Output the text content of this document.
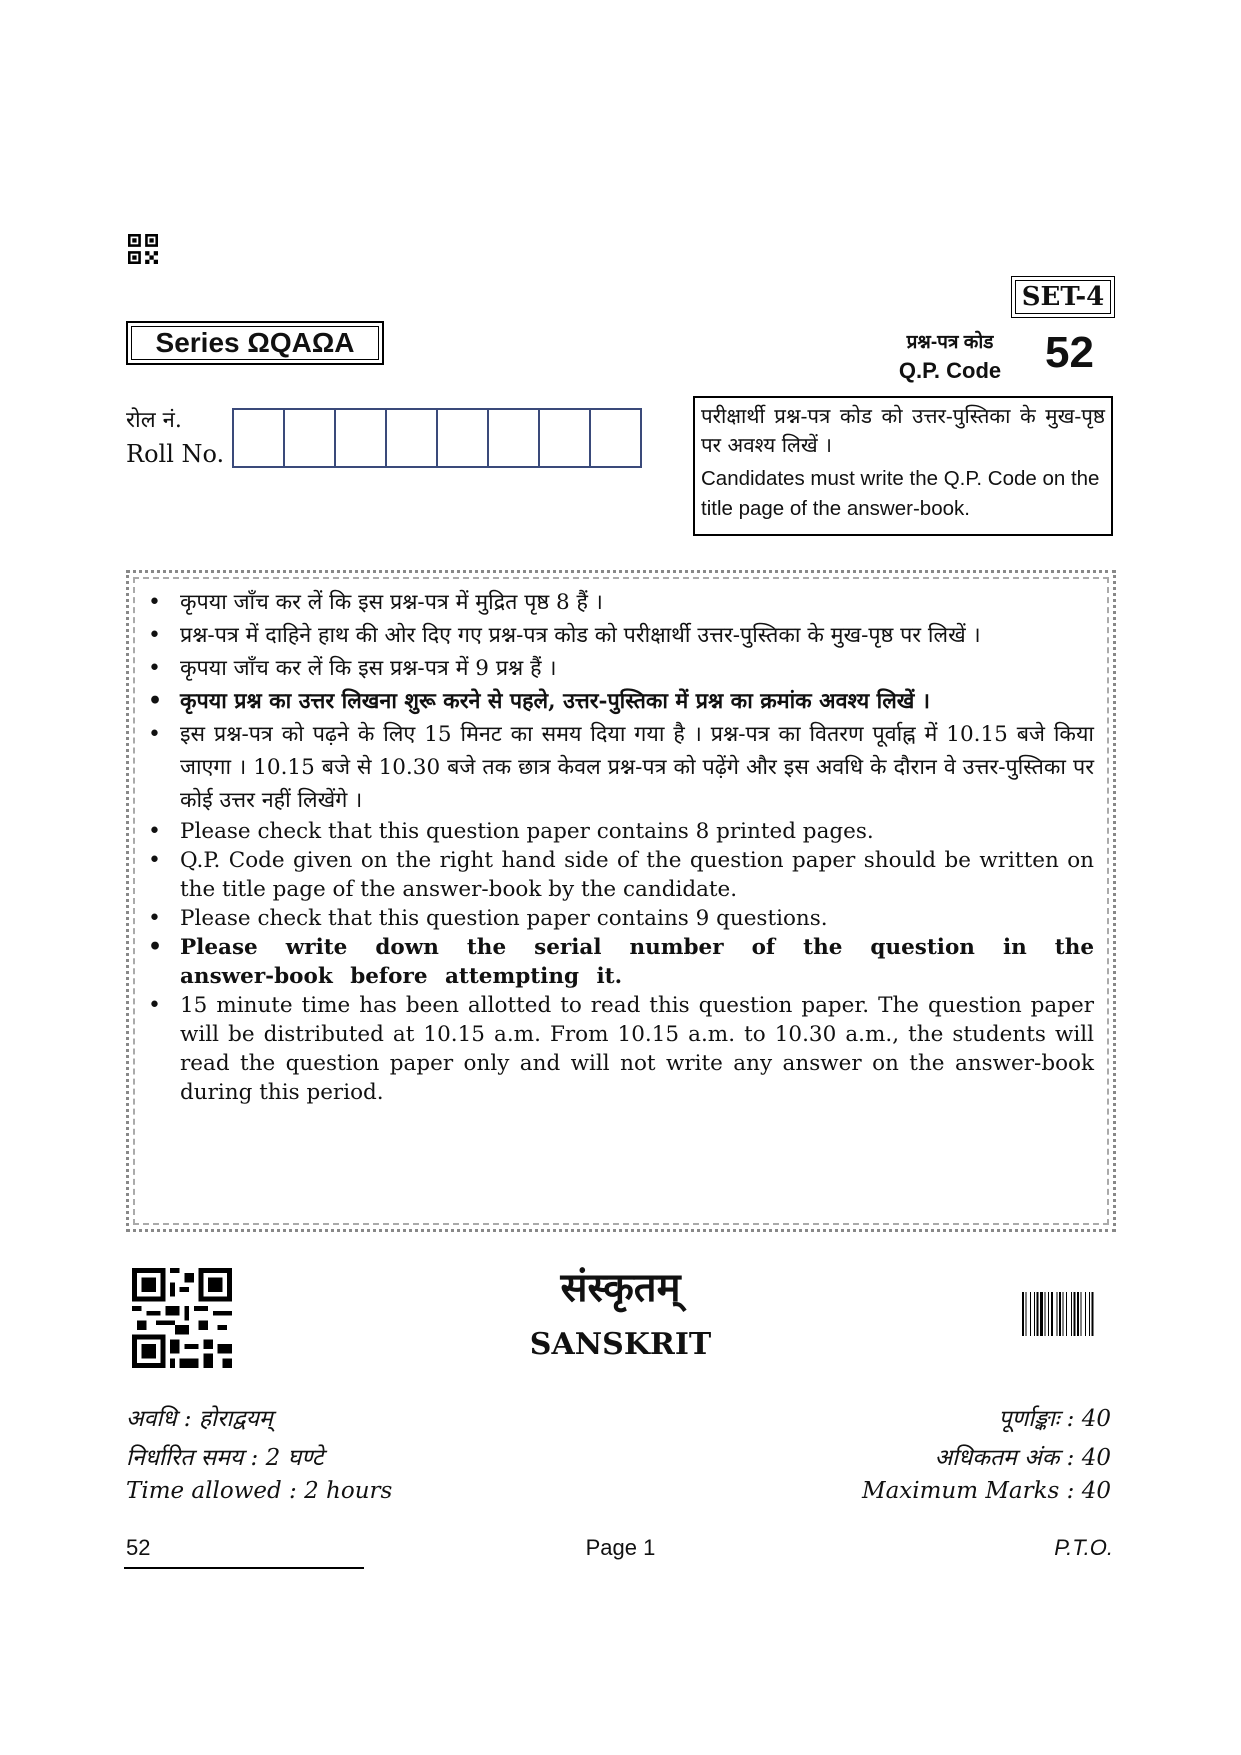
SET-4
Series ΩQAΩA	प्रश्न-पत्र कोड
Q.P. Code 52
रोल नं.
Roll No.
परीक्षार्थी प्रश्न-पत्र कोड को उत्तर-पुस्तिका के मुख-पृष्ठ पर अवश्य लिखें ।
Candidates must write the Q.P. Code on the title page of the answer-book.
• कृपया जाँच कर लें कि इस प्रश्न-पत्र में मुद्रित पृष्ठ 8 हैं ।
• प्रश्न-पत्र में दाहिने हाथ की ओर दिए गए प्रश्न-पत्र कोड को परीक्षार्थी उत्तर-पुस्तिका के मुख-पृष्ठ पर लिखें ।
• कृपया जाँच कर लें कि इस प्रश्न-पत्र में 9 प्रश्न हैं ।
• कृपया प्रश्न का उत्तर लिखना शुरू करने से पहले, उत्तर-पुस्तिका में प्रश्न का क्रमांक अवश्य लिखें ।
• इस प्रश्न-पत्र को पढ़ने के लिए 15 मिनट का समय दिया गया है । प्रश्न-पत्र का वितरण पूर्वाह्न में 10.15 बजे किया जाएगा । 10.15 बजे से 10.30 बजे तक छात्र केवल प्रश्न-पत्र को पढ़ेंगे और इस अवधि के दौरान वे उत्तर-पुस्तिका पर कोई उत्तर नहीं लिखेंगे ।
• Please check that this question paper contains 8 printed pages.
• Q.P. Code given on the right hand side of the question paper should be written on the title page of the answer-book by the candidate.
• Please check that this question paper contains 9 questions.
• Please write down the serial number of the question in the answer-book before attempting it.
• 15 minute time has been allotted to read this question paper. The question paper will be distributed at 10.15 a.m. From 10.15 a.m. to 10.30 a.m., the students will read the question paper only and will not write any answer on the answer-book during this period.
संस्कृतम्
SANSKRIT
अवधि : होराद्वयम्
निर्धारित समय : 2 घण्टे
Time allowed : 2 hours
पूर्णाङ्काः : 40
अधिकतम अंक : 40
Maximum Marks : 40
52	Page 1	P.T.O.
